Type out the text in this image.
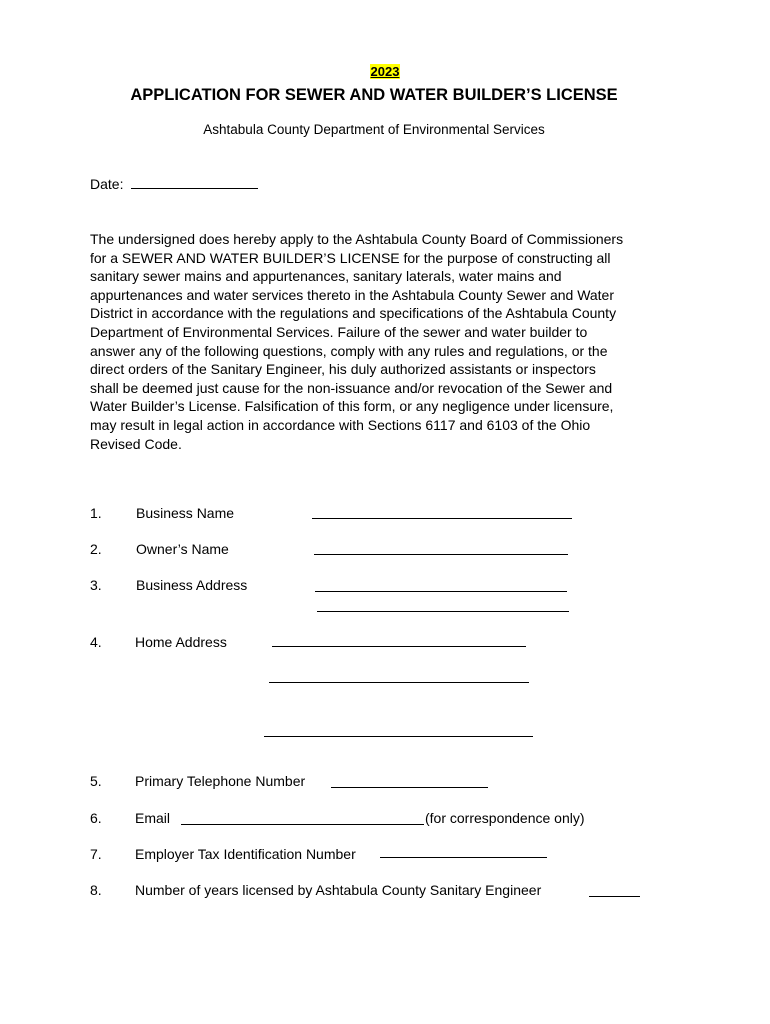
2023
APPLICATION FOR SEWER AND WATER BUILDER’S LICENSE
Ashtabula County Department of Environmental Services
Date:
The undersigned does hereby apply to the Ashtabula County Board of Commissioners
for a SEWER AND WATER BUILDER’S LICENSE for the purpose of constructing all
sanitary sewer mains and appurtenances, sanitary laterals, water mains and
appurtenances and water services thereto in the Ashtabula County Sewer and Water
District in accordance with the regulations and specifications of the Ashtabula County
Department of Environmental Services. Failure of the sewer and water builder to
answer any of the following questions, comply with any rules and regulations, or the
direct orders of the Sanitary Engineer, his duly authorized assistants or inspectors
shall be deemed just cause for the non-issuance and/or revocation of the Sewer and
Water Builder’s License. Falsification of this form, or any negligence under licensure,
may result in legal action in accordance with Sections 6117 and 6103 of the Ohio
Revised Code.
1. Business Name
2. Owner’s Name
3. Business Address
4. Home Address
5. Primary Telephone Number
6. Email	(for correspondence only)
7. Employer Tax Identification Number
8. Number of years licensed by Ashtabula County Sanitary Engineer
